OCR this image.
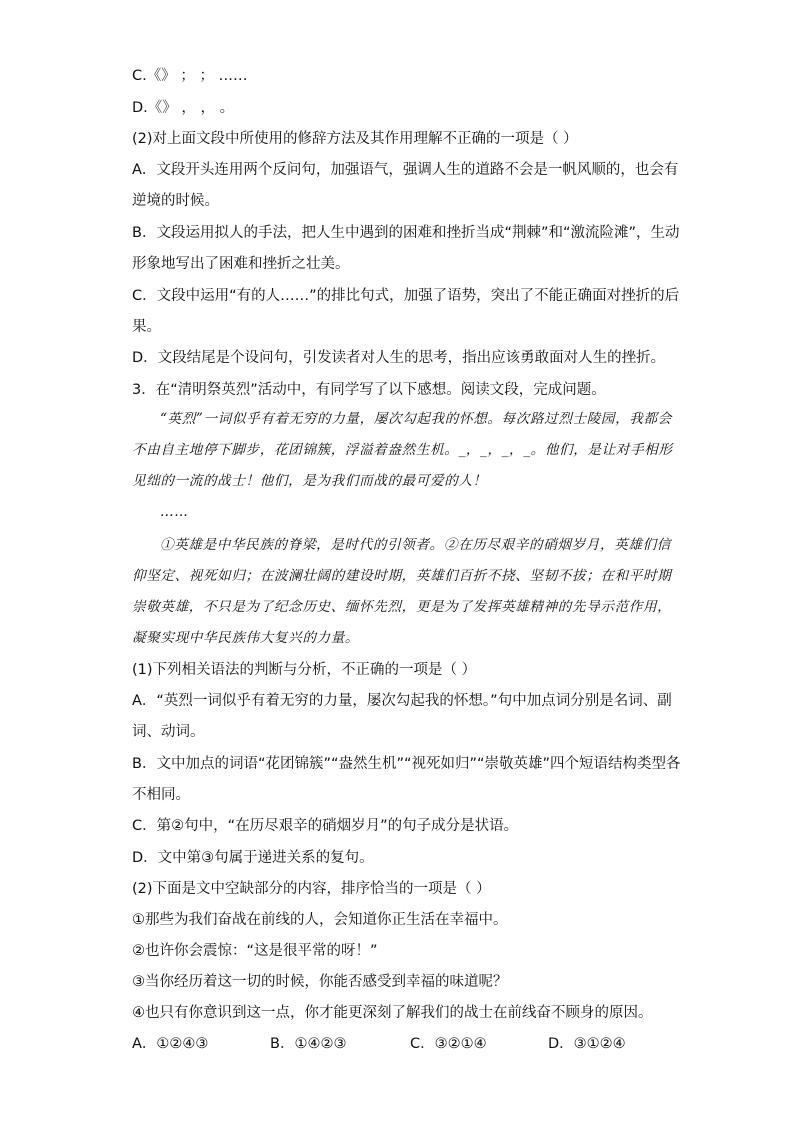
C.《》 ； ； ……
D.《》 ， ， 。
(2)对上面文段中所使用的修辞方法及其作用理解不正确的一项是（ ）
A．文段开头连用两个反问句，加强语气，强调人生的道路不会是一帆风顺的，也会有
逆境的时候。
B．文段运用拟人的手法，把人生中遇到的困难和挫折当成“荆棘”和“激流险滩”，生动
形象地写出了困难和挫折之壮美。
C．文段中运用“有的人……”的排比句式，加强了语势，突出了不能正确面对挫折的后
果。
D．文段结尾是个设问句，引发读者对人生的思考，指出应该勇敢面对人生的挫折。
3．在“清明祭英烈”活动中，有同学写了以下感想。阅读文段，完成问题。
“英烈”一词似乎有着无穷的力量，屡次勾起我的怀想。每次路过烈士陵园，我都会
不由自主地停下脚步，花团锦簇，浮溢着盎然生机。_，_，_，_。他们，是让对手相形
见绌的一流的战士！他们，是为我们而战的最可爱的人！
……
①英雄是中华民族的脊梁，是时代的引领者。②在历尽艰辛的硝烟岁月，英雄们信
仰坚定、视死如归；在波澜壮阔的建设时期，英雄们百折不挠、坚韧不拔；在和平时期
崇敬英雄，不只是为了纪念历史、缅怀先烈，更是为了发挥英雄精神的先导示范作用，
凝聚实现中华民族伟大复兴的力量。
(1)下列相关语法的判断与分析，不正确的一项是（ ）
A．“英烈一词似乎有着无穷的力量，屡次勾起我的怀想。”句中加点词分别是名词、副
词、动词。
B．文中加点的词语“花团锦簇”“盎然生机”“视死如归”“崇敬英雄”四个短语结构类型各
不相同。
C．第②句中，“在历尽艰辛的硝烟岁月”的句子成分是状语。
D．文中第③句属于递进关系的复句。
(2)下面是文中空缺部分的内容，排序恰当的一项是（ ）
①那些为我们奋战在前线的人，会知道你正生活在幸福中。
②也许你会震惊：“这是很平常的呀！”
③当你经历着这一切的时候，你能否感受到幸福的味道呢？
④也只有你意识到这一点，你才能更深刻了解我们的战士在前线奋不顾身的原因。
A．①②④③	B．①④②③	C．③②①④	D．③①②④
